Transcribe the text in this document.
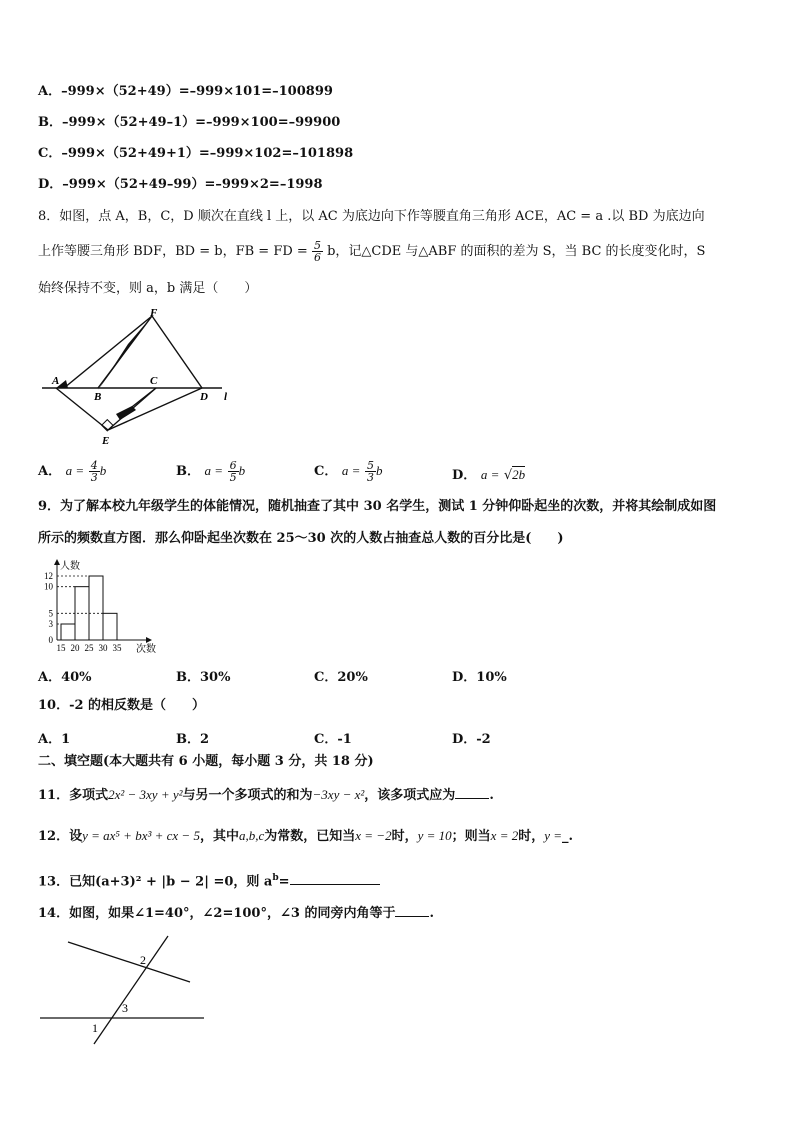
A．–999×（52+49）=–999×101=–100899
B．–999×（52+49–1）=–999×100=–99900
C．–999×（52+49+1）=–999×102=–101898
D．–999×（52+49–99）=–999×2=–1998
8．如图，点 A，B，C，D 顺次在直线 l 上，以 AC 为底边向下作等腰直角三角形 ACE，AC = a .以 BD 为底边向
上作等腰三角形 BDF，BD = b，FB = FD = $\frac{5}{6}$ b，记△CDE 与△ABF 的面积的差为 S，当 BC 的长度变化时，S
始终保持不变，则 a，b 满足（　　）
F
A	C
B	D l
E
A． $a = \frac{4}{3}$ b	B． $a = \frac{6}{5}$ b	C． $a = \frac{5}{3}$ b	D． a = √2b
9．为了解本校九年级学生的体能情况，随机抽查了其中 30 名学生，测试 1 分钟仰卧起坐的次数，并将其绘制成如图
所示的频数直方图．那么仰卧起坐次数在 25～30 次的人数占抽查总人数的百分比是(　　)
人数
次数
0
3
5
10
12
15 20 25 30 35
A．40%	B．30%	C．20%	D．10%
10．-2 的相反数是（　　）
A．1	B．2	C．-1	D．-2
二、填空题(本大题共有 6 小题，每小题 3 分，共 18 分)
11．多项式2x² − 3xy + y²与另一个多项式的和为−3xy − x²，该多项式应为	.
12．设y = ax⁵ + bx³ + cx − 5，其中a,b,c为常数，已知当x = −2时，y = 10；则当x = 2时，y =_.
13．已知(a+3)² + |b − 2| =0，则 $a^b=$
14．如图，如果∠1=40°，∠2=100°，∠3 的同旁内角等于	.
2
3
1
